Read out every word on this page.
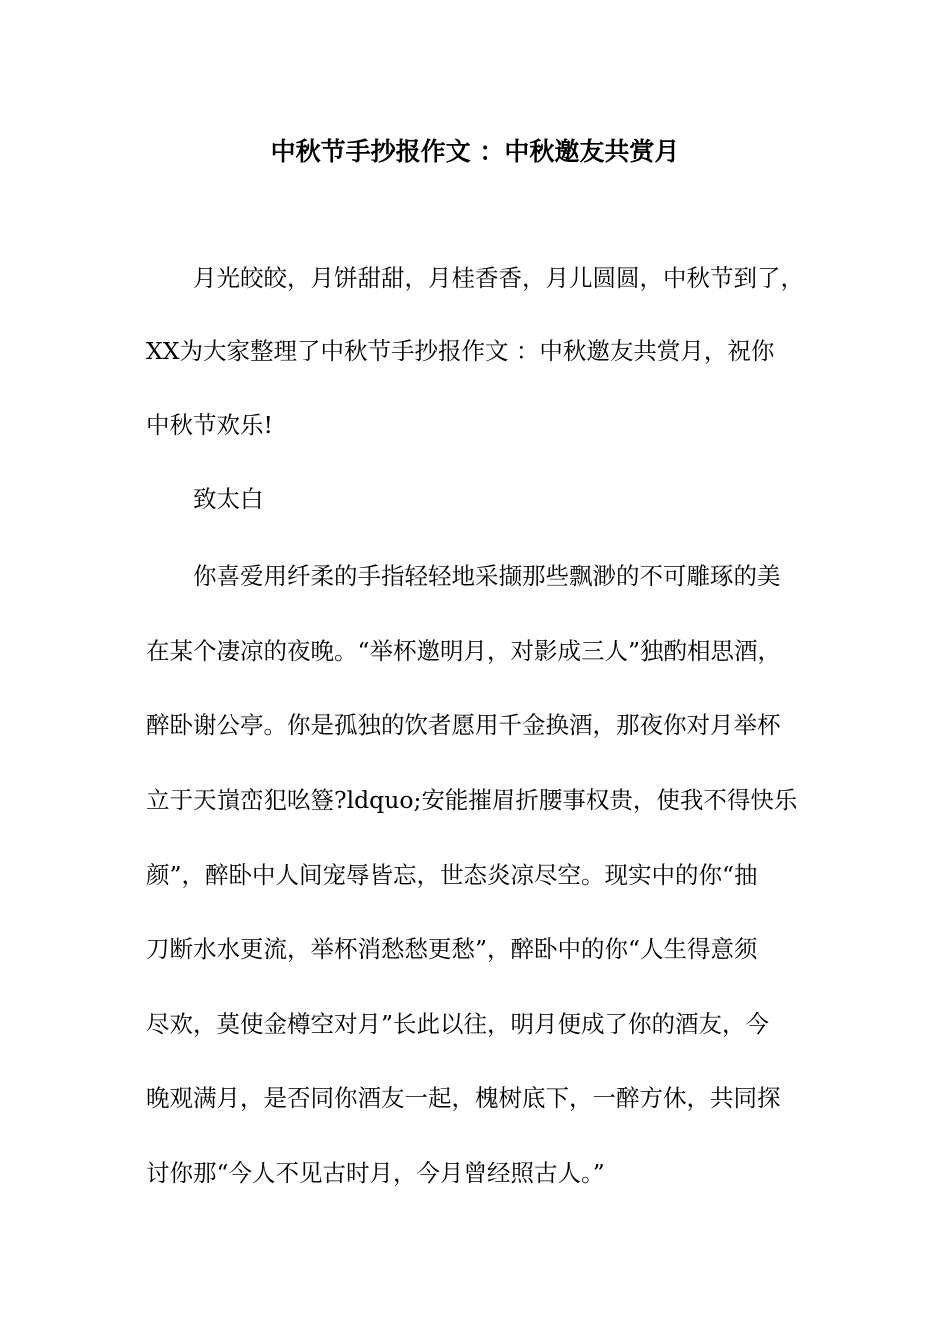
中秋节手抄报作文 ：中秋邀友共赏月
月光皎皎，月饼甜甜，月桂香香，月儿圆圆，中秋节到了，
XX为大家整理了中秋节手抄报作文 ：中秋邀友共赏月，祝你
中秋节欢乐!
致太白
你喜爱用纤柔的手指轻轻地采撷那些飘渺的不可雕琢的美
在某个凄凉的夜晚。“举杯邀明月，对影成三人”独酌相思酒，
醉卧谢公亭。你是孤独的饮者愿用千金换酒，那夜你对月举杯
立于天嵿峦犯吆簦?ldquo;安能摧眉折腰事权贵，使我不得快乐
颜”，醉卧中人间宠辱皆忘，世态炎凉尽空。现实中的你“抽
刀断水水更流，举杯消愁愁更愁”，醉卧中的你“人生得意须
尽欢，莫使金樽空对月”长此以往，明月便成了你的酒友，今
晚观满月，是否同你酒友一起，槐树底下，一醉方休，共同探
讨你那“今人不见古时月，今月曾经照古人。”
